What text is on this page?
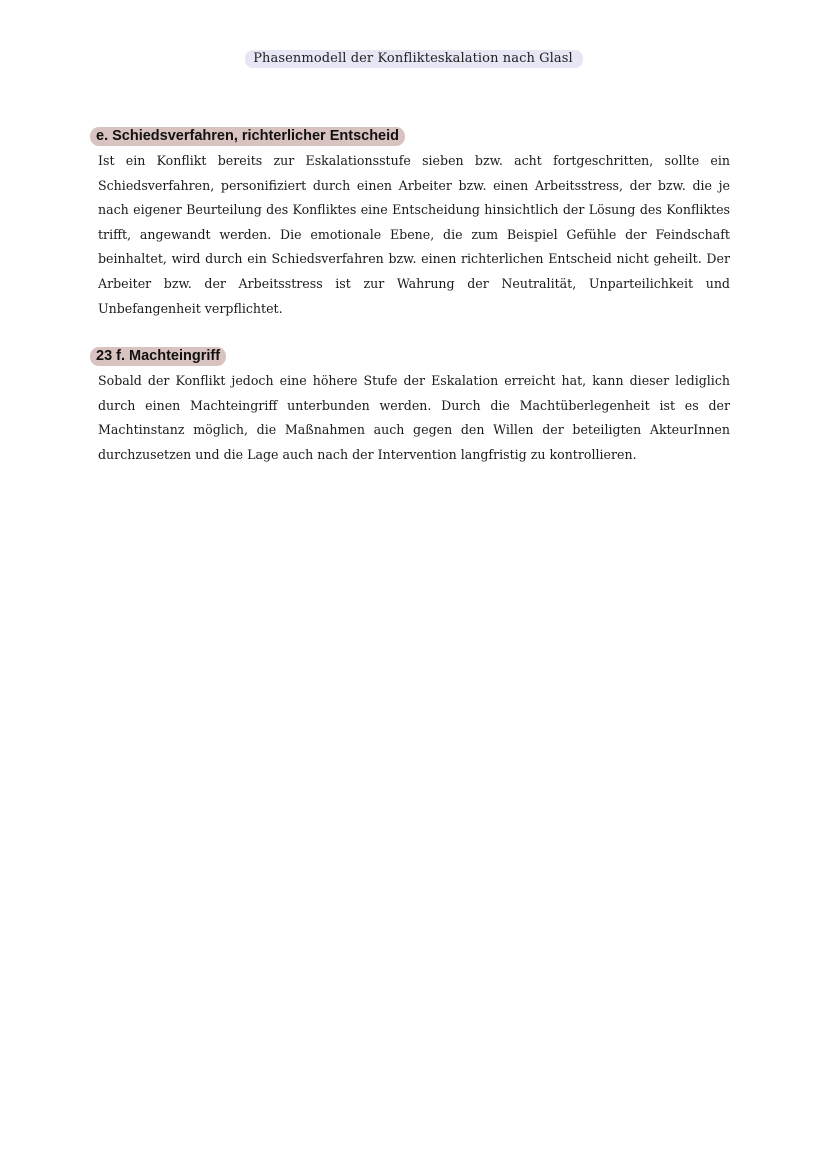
Phasenmodell der Konflikteskalation nach Glasl
e. Schiedsverfahren, richterlicher Entscheid

Ist ein Konflikt bereits zur Eskalationsstufe sieben bzw. acht fortgeschritten, sollte ein Schiedsverfahren, personifiziert durch einen Arbeiter bzw. einen Arbeitsstress, der bzw. die je nach eigener Beurteilung des Konfliktes eine Entscheidung hinsichtlich der Lösung des Konfliktes trifft, angewandt werden. Die emotionale Ebene, die zum Beispiel Gefühle der Feindschaft beinhaltet, wird durch ein Schiedsverfahren bzw. einen richterlichen Entscheid nicht geheilt. Der Arbeiter bzw. der Arbeitsstress ist zur Wahrung der Neutralität, Unparteilichkeit und Unbefangenheit verpflichtet.

23 f. Machteingriff

Sobald der Konflikt jedoch eine höhere Stufe der Eskalation erreicht hat, kann dieser lediglich durch einen Machteingriff unterbunden werden. Durch die Machtüberlegenheit ist es der Machtinstanz möglich, die Maßnahmen auch gegen den Willen der beteiligten AkteurInnen durchzusetzen und die Lage auch nach der Intervention langfristig zu kontrollieren.
